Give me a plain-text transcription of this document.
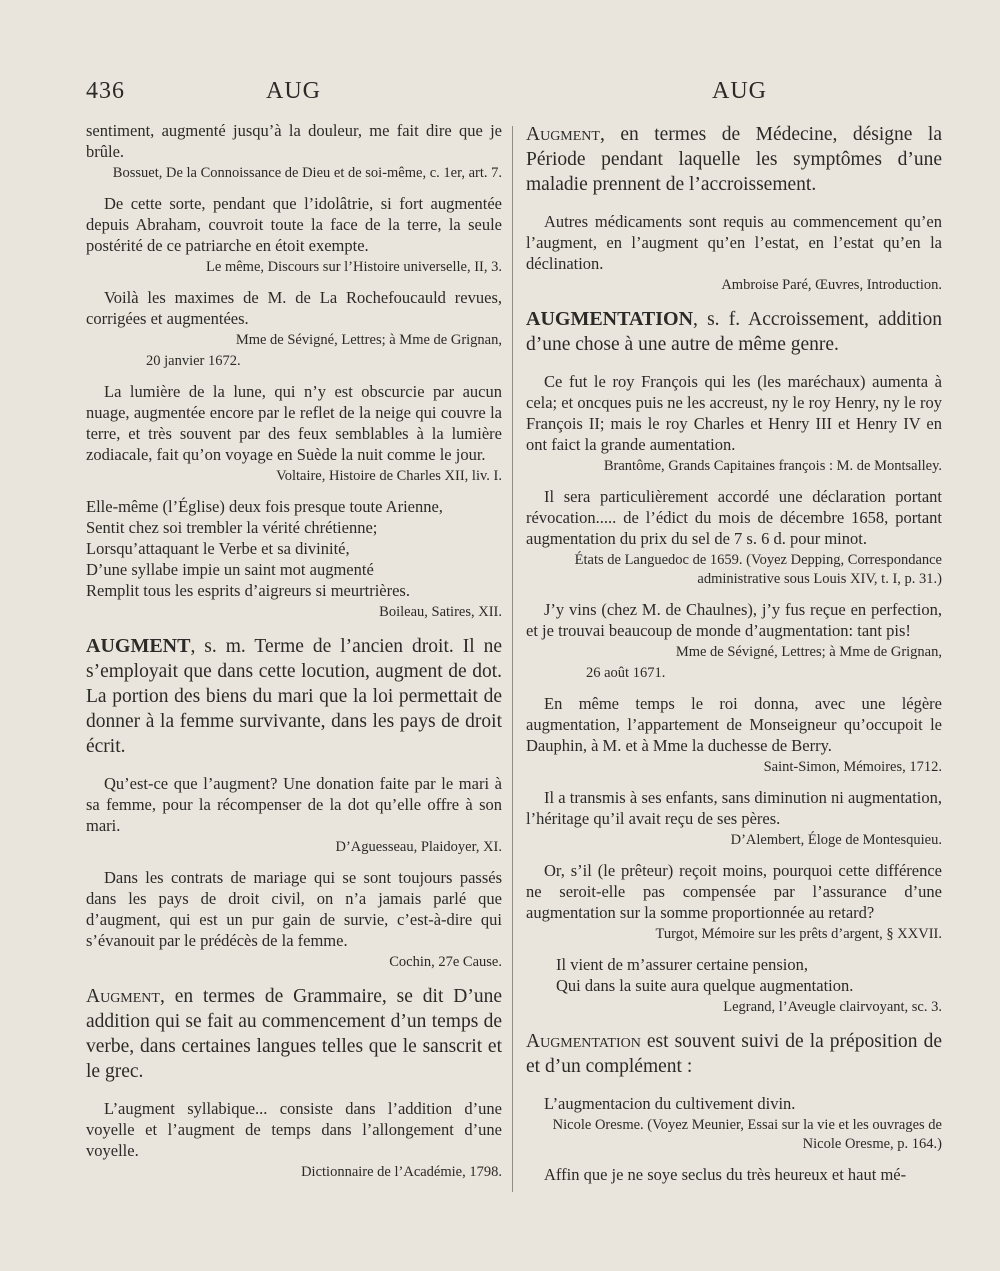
436	AUG	AUG

sentiment, augmenté jusqu’à la douleur, me fait dire que je brûle.

Bossuet, De la Connoissance de Dieu et de soi-même, c. 1er, art. 7.

De cette sorte, pendant que l’idolâtrie, si fort augmentée depuis Abraham, couvroit toute la face de la terre, la seule postérité de ce patriarche en étoit exempte.

Le même, Discours sur l’Histoire universelle, II, 3.

Voilà les maximes de M. de La Rochefoucauld revues, corrigées et augmentées.

Mme de Sévigné, Lettres; à Mme de Grignan,
20 janvier 1672.

La lumière de la lune, qui n’y est obscurcie par aucun nuage, augmentée encore par le reflet de la neige qui couvre la terre, et très souvent par des feux semblables à la lumière zodiacale, fait qu’on voyage en Suède la nuit comme le jour.

Voltaire, Histoire de Charles XII, liv. I.

Elle-même (l’Église) deux fois presque toute Arienne,

Sentit chez soi trembler la vérité chrétienne;

Lorsqu’attaquant le Verbe et sa divinité,

D’une syllabe impie un saint mot augmenté

Remplit tous les esprits d’aigreurs si meurtrières.

Boileau, Satires, XII.
AUGMENT, s. m. Terme de l’ancien droit. Il ne s’employait que dans cette locution, augment de dot. La portion des biens du mari que la loi permettait de donner à la femme survivante, dans les pays de droit écrit.

Qu’est-ce que l’augment? Une donation faite par le mari à sa femme, pour la récompenser de la dot qu’elle offre à son mari.

D’Aguesseau, Plaidoyer, XI.

Dans les contrats de mariage qui se sont toujours passés dans les pays de droit civil, on n’a jamais parlé que d’augment, qui est un pur gain de survie, c’est-à-dire qui s’évanouit par le prédécès de la femme.

Cochin, 27e Cause.
Augment, en termes de Grammaire, se dit D’une addition qui se fait au commencement d’un temps de verbe, dans certaines langues telles que le sanscrit et le grec.

L’augment syllabique... consiste dans l’addition d’une voyelle et l’augment de temps dans l’allongement d’une voyelle.

Dictionnaire de l’Académie, 1798.
Augment, en termes de Médecine, désigne la Période pendant laquelle les symptômes d’une maladie prennent de l’accroissement.

Autres médicaments sont requis au commencement qu’en l’augment, en l’augment qu’en l’estat, en l’estat qu’en la déclination.

Ambroise Paré, Œuvres, Introduction.
AUGMENTATION, s. f. Accroissement, addition d’une chose à une autre de même genre.

Ce fut le roy François qui les (les maréchaux) aumenta à cela; et oncques puis ne les accreust, ny le roy Henry, ny le roy François II; mais le roy Charles et Henry III et Henry IV en ont faict la grande aumentation.

Brantôme, Grands Capitaines françois : M. de Montsalley.

Il sera particulièrement accordé une déclaration portant révocation..... de l’édict du mois de décembre 1658, portant augmentation du prix du sel de 7 s. 6 d. pour minot.

États de Languedoc de 1659. (Voyez Depping, Correspondance administrative sous Louis XIV, t. I, p. 31.)

J’y vins (chez M. de Chaulnes), j’y fus reçue en perfection, et je trouvai beaucoup de monde d’augmentation: tant pis!

Mme de Sévigné, Lettres; à Mme de Grignan,
26 août 1671.

En même temps le roi donna, avec une légère augmentation, l’appartement de Monseigneur qu’occupoit le Dauphin, à M. et à Mme la duchesse de Berry.

Saint-Simon, Mémoires, 1712.

Il a transmis à ses enfants, sans diminution ni augmentation, l’héritage qu’il avait reçu de ses pères.

D’Alembert, Éloge de Montesquieu.

Or, s’il (le prêteur) reçoit moins, pourquoi cette différence ne seroit-elle pas compensée par l’assurance d’une augmentation sur la somme proportionnée au retard?

Turgot, Mémoire sur les prêts d’argent, § XXVII.

Il vient de m’assurer certaine pension,

Qui dans la suite aura quelque augmentation.

Legrand, l’Aveugle clairvoyant, sc. 3.
Augmentation est souvent suivi de la préposition de et d’un complément :

L’augmentacion du cultivement divin.

Nicole Oresme. (Voyez Meunier, Essai sur la vie et les ouvrages de Nicole Oresme, p. 164.)

Affin que je ne soye seclus du très heureux et haut mé-
